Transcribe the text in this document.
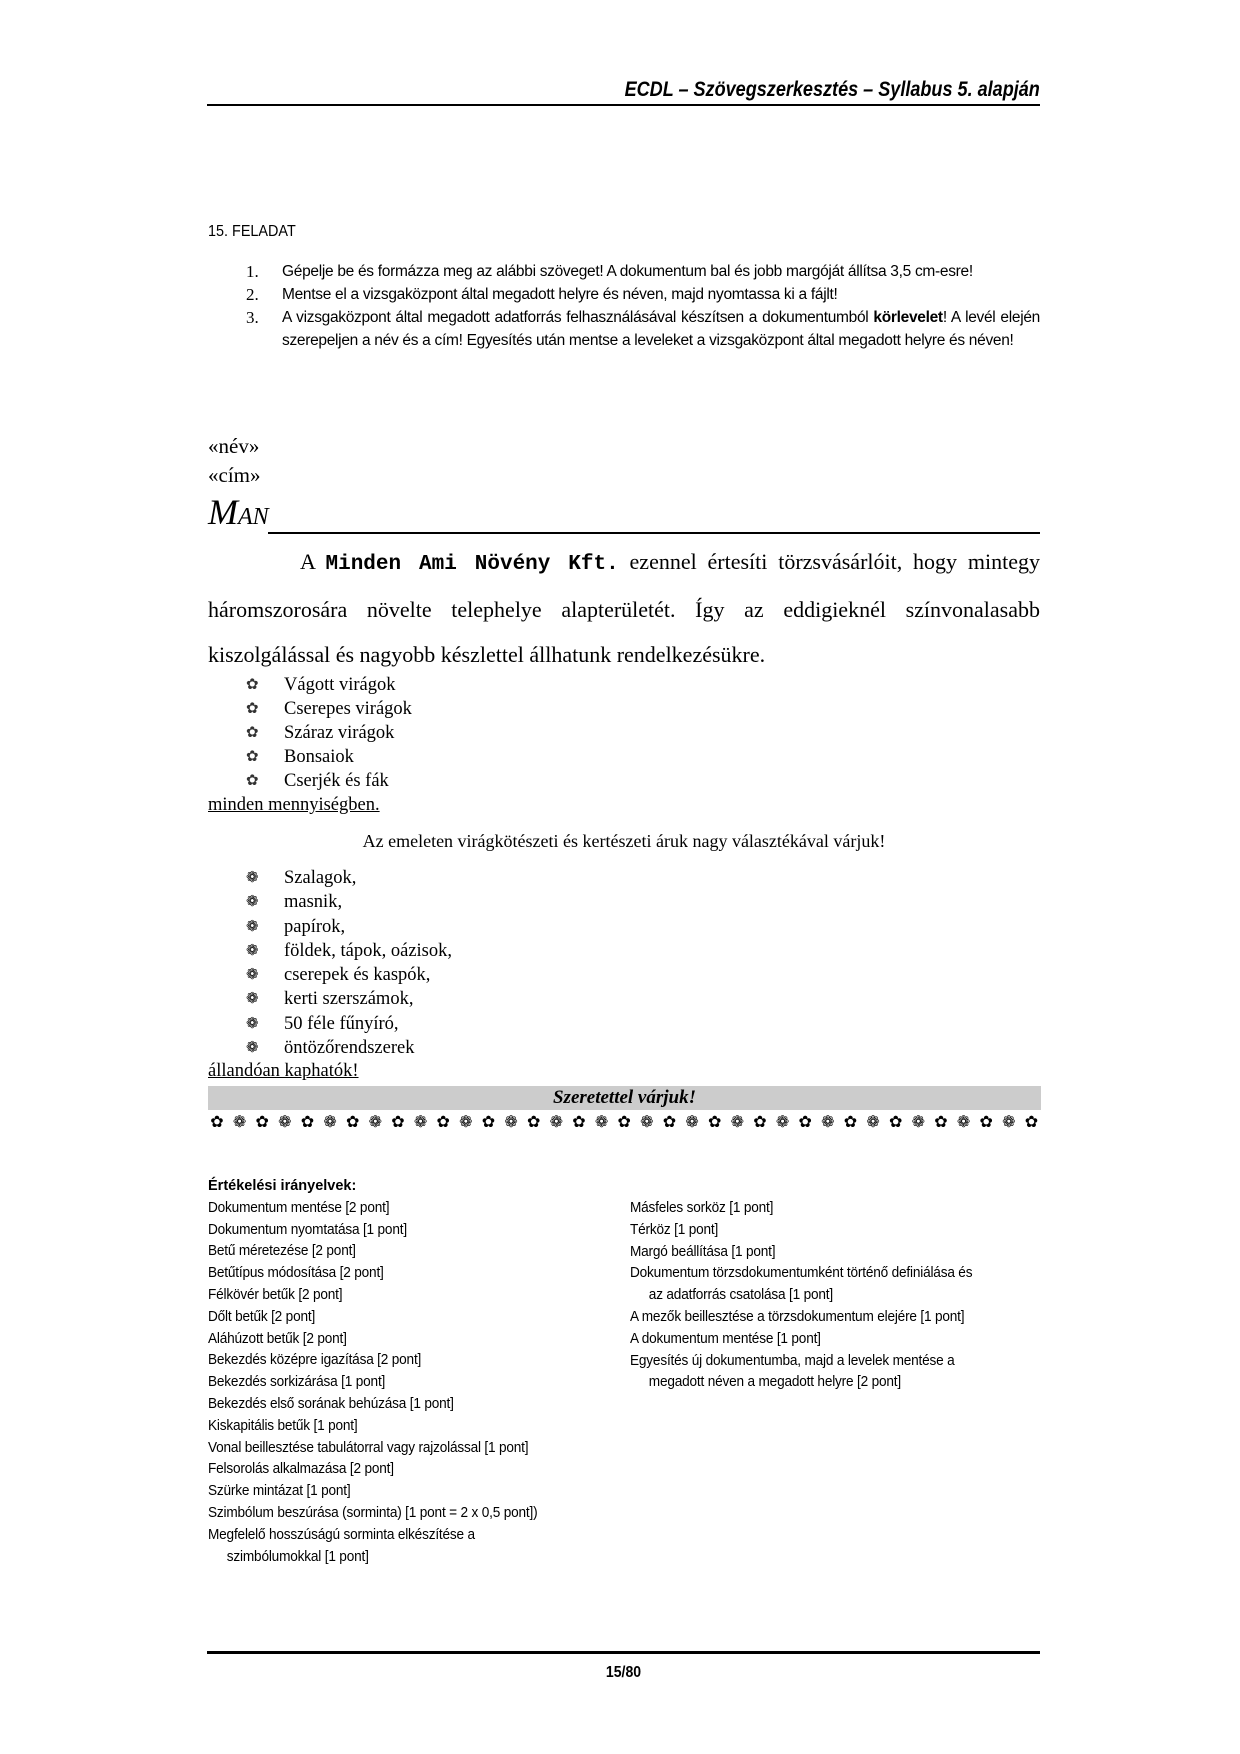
ECDL – Szövegszerkesztés – Syllabus 5. alapján
15. FELADAT
1. Gépelje be és formázza meg az alábbi szöveget! A dokumentum bal és jobb margóját állítsa 3,5 cm-esre!
2. Mentse el a vizsgaközpont által megadott helyre és néven, majd nyomtassa ki a fájlt!
3. A vizsgaközpont által megadott adatforrás felhasználásával készítsen a dokumentumból körlevelet! A levél elején szerepeljen a név és a cím! Egyesítés után mentse a leveleket a vizsgaközpont által megadott helyre és néven!
«név»
«cím»
MAN
A Minden Ami Növény Kft. ezennel értesíti törzsvásárlóit, hogy mintegy háromszorosára növelte telephelye alapterületét. Így az eddigieknél színvonalasabb kiszolgálással és nagyobb készlettel állhatunk rendelkezésükre.
✿	Vágott virágok
✿	Cserepes virágok
✿	Száraz virágok
✿	Bonsaiok
✿	Cserjék és fák
minden mennyiségben.
Az emeleten virágkötészeti és kertészeti áruk nagy választékával várjuk!
❁	Szalagok,
❁	masnik,
❁	papírok,
❁	földek, tápok, oázisok,
❁	cserepek és kaspók,
❁	kerti szerszámok,
❁	50 féle fűnyíró,
❁	öntözőrendszerek
állandóan kaphatók!
Szeretettel várjuk!
✿ ❁ ✿ ❁ ✿ ❁ ✿ ❁ ✿ ❁ ✿ ❁ ✿ ❁ ✿ ❁ ✿ ❁ ✿ ❁ ✿ ❁ ✿ ❁ ✿ ❁ ✿ ❁ ✿ ❁ ✿ ❁ ✿ ❁ ✿ ❁ ✿
Értékelési irányelvek:
Dokumentum mentése [2 pont]
Dokumentum nyomtatása [1 pont]
Betű méretezése [2 pont]
Betűtípus módosítása [2 pont]
Félkövér betűk [2 pont]
Dőlt betűk [2 pont]
Aláhúzott betűk [2 pont]
Bekezdés középre igazítása [2 pont]
Bekezdés sorkizárása [1 pont]
Bekezdés első sorának behúzása [1 pont]
Kiskapitális betűk [1 pont]
Vonal beillesztése tabulátorral vagy rajzolással [1 pont]
Felsorolás alkalmazása [2 pont]
Szürke mintázat [1 pont]
Szimbólum beszúrása (sorminta) [1 pont = 2 x 0,5 pont])
Megfelelő hosszúságú sorminta elkészítése a
szimbólumokkal [1 pont]
Másfeles sorköz [1 pont]
Térköz [1 pont]
Margó beállítása [1 pont]
Dokumentum törzsdokumentumként történő definiálása és
az adatforrás csatolása [1 pont]
A mezők beillesztése a törzsdokumentum elejére [1 pont]
A dokumentum mentése [1 pont]
Egyesítés új dokumentumba, majd a levelek mentése a
megadott néven a megadott helyre [2 pont]
15/80
